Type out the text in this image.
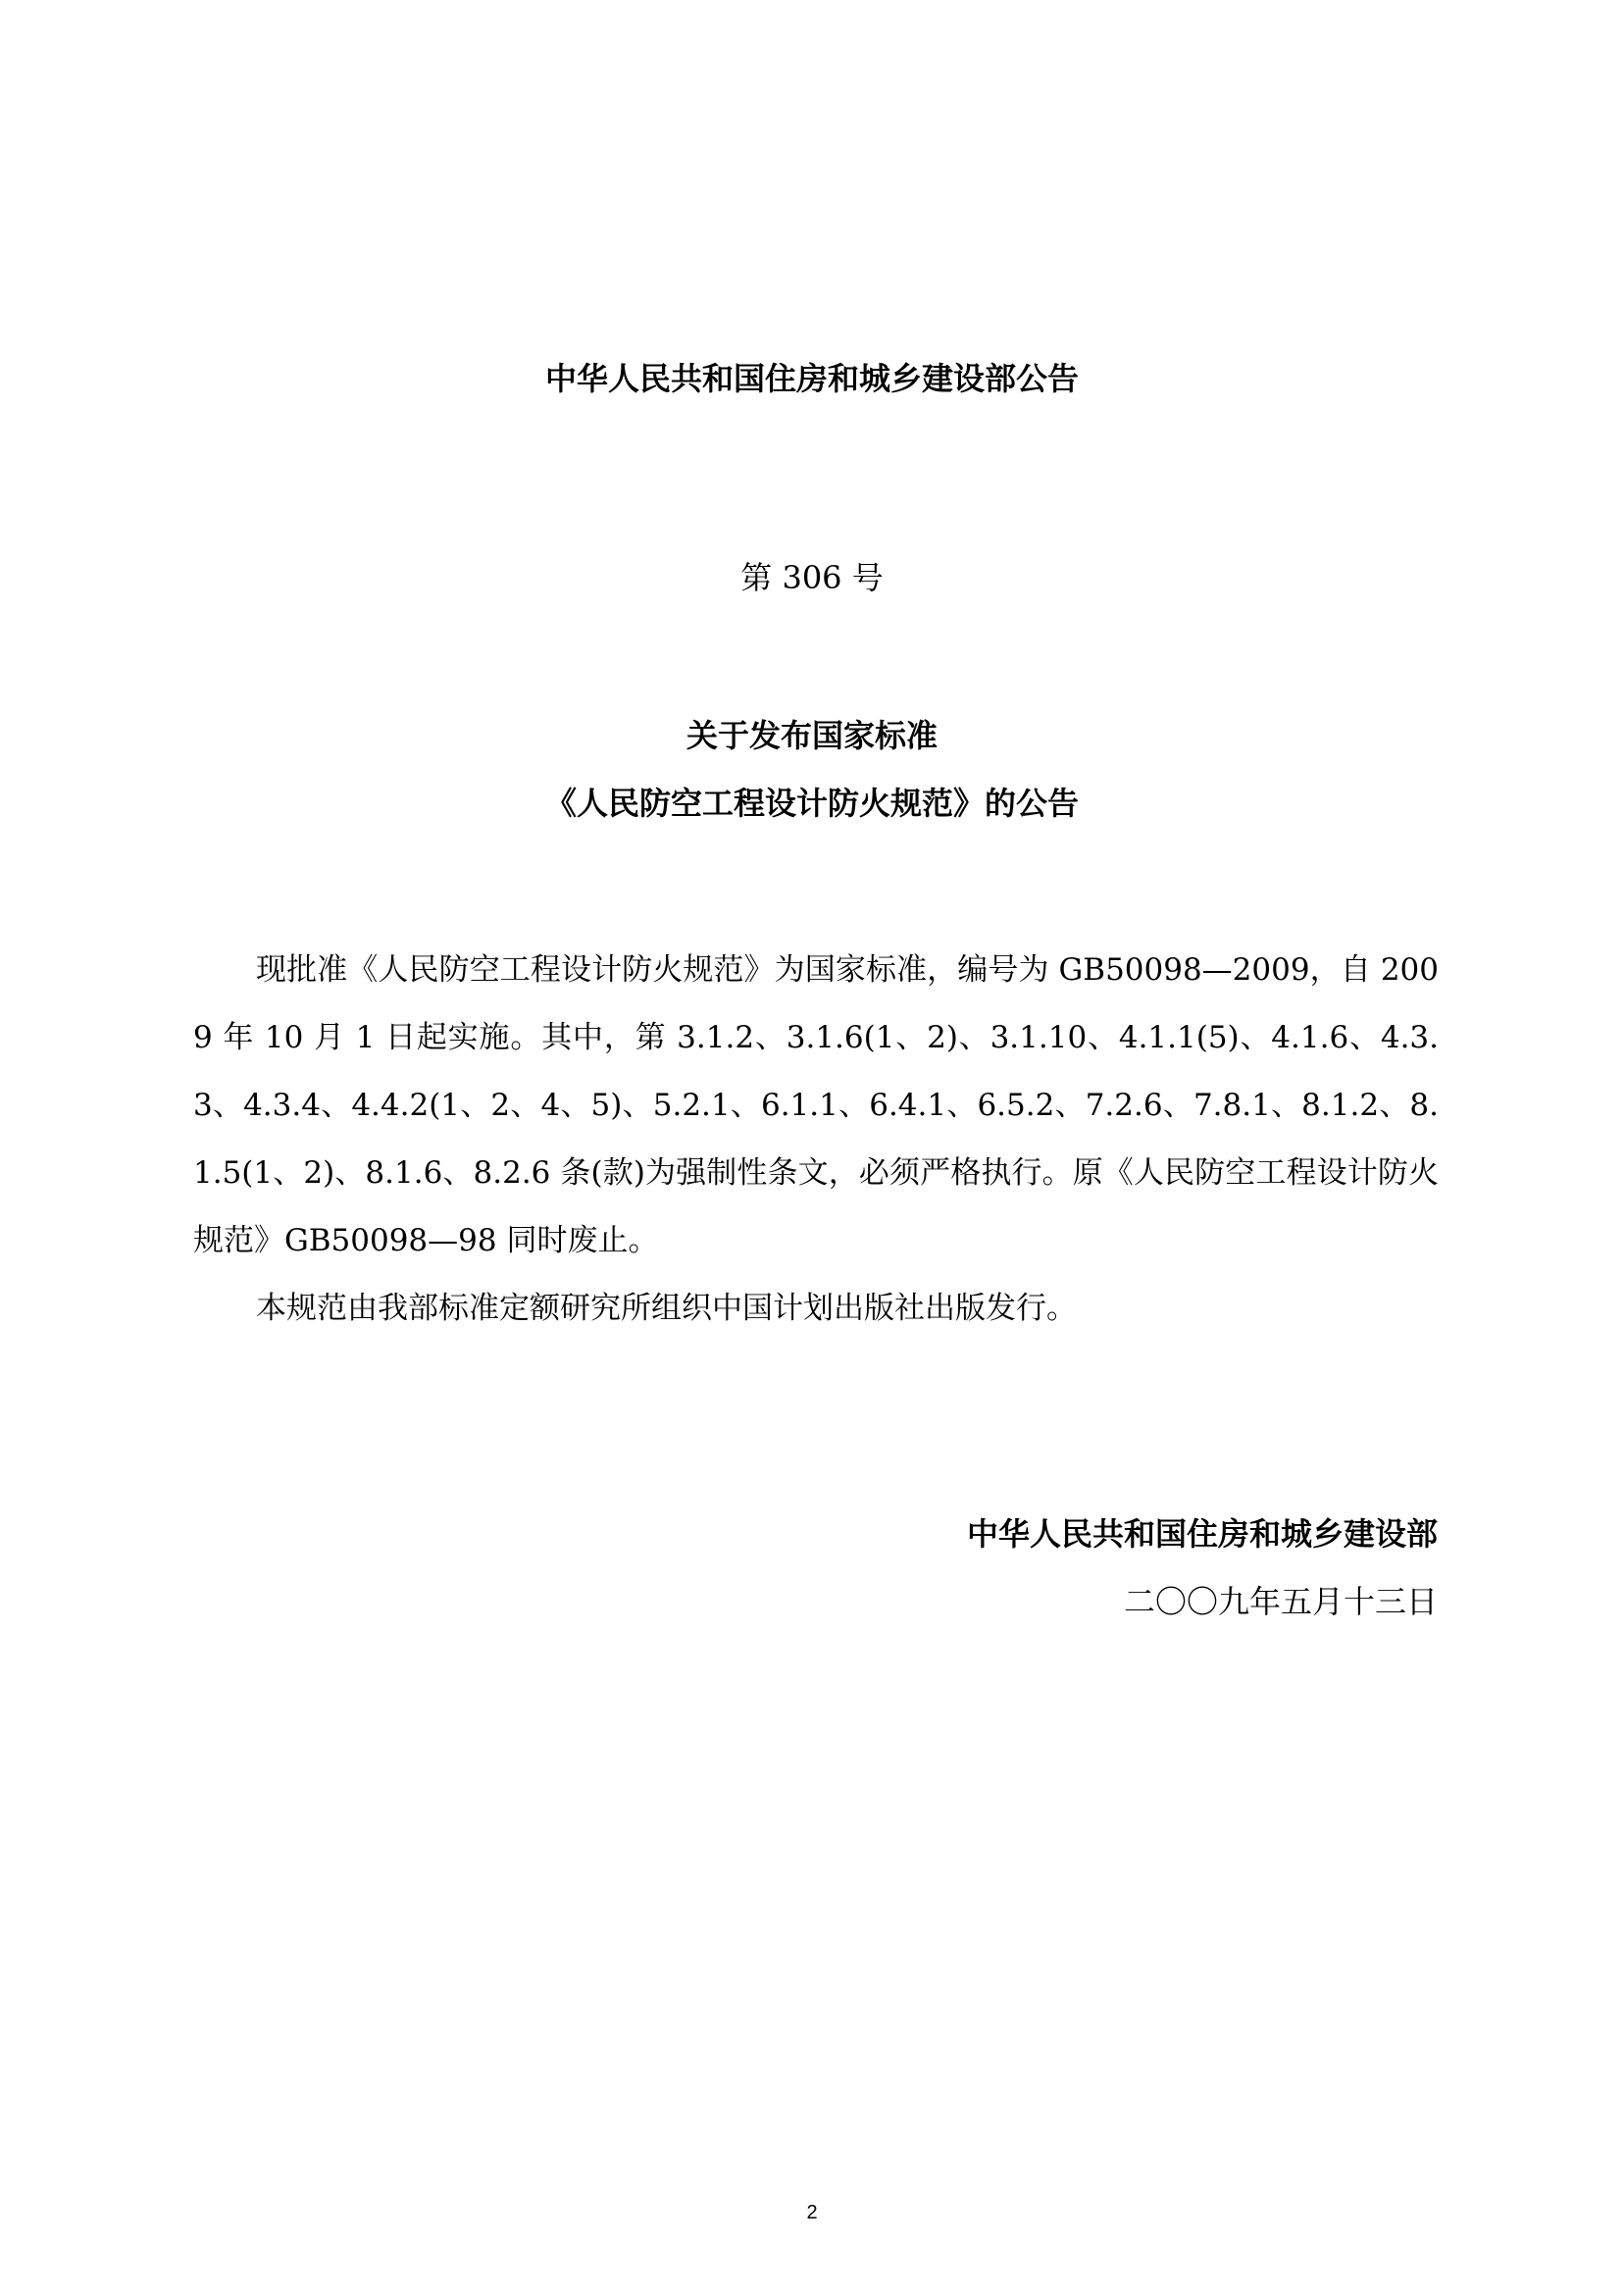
中华人民共和国住房和城乡建设部公告
第 306 号
关于发布国家标准
《人民防空工程设计防火规范》的公告

现批准《人民防空工程设计防火规范》为国家标准，编号为 GB50098—2009，自 2009 年 10 月 1 日起实施。其中，第 3.1.2、3.1.6(1、2)、3.1.10、4.1.1(5)、4.1.6、4.3.3、4.3.4、4.4.2(1、2、4、5)、5.2.1、6.1.1、6.4.1、6.5.2、7.2.6、7.8.1、8.1.2、8.1.5(1、2)、8.1.6、8.2.6 条(款)为强制性条文，必须严格执行。原《人民防空工程设计防火规范》GB50098—98 同时废止。

本规范由我部标准定额研究所组织中国计划出版社出版发行。

中华人民共和国住房和城乡建设部
二〇〇九年五月十三日
2
